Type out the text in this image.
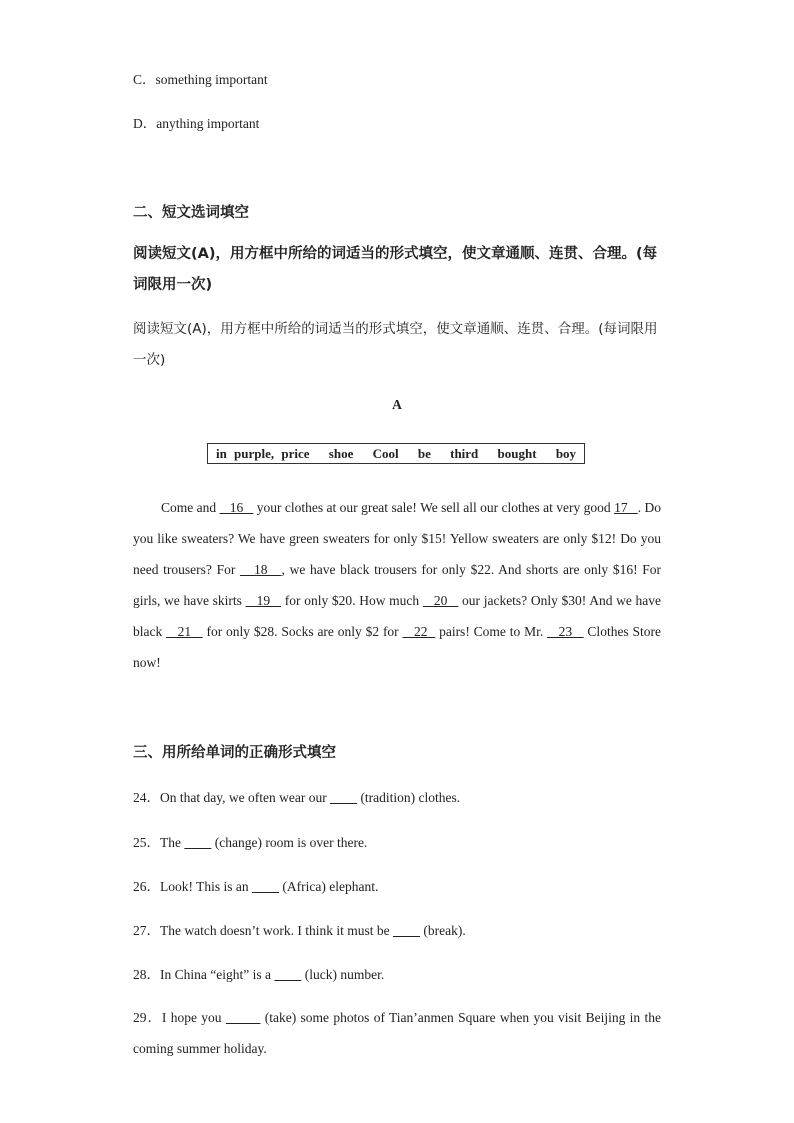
C．something important
D．anything important
二、短文选词填空
阅读短文(A)，用方框中所给的词适当的形式填空，使文章通顺、连贯、合理。(每词限用一次)
阅读短文(A)，用方框中所给的词适当的形式填空，使文章通顺、连贯、合理。(每词限用一次)
A
in purple, price shoe Cool be third bought boy
Come and    16    your clothes at our great sale! We sell all our clothes at very good 17   . Do you like sweaters? We have green sweaters for only $15! Yellow sweaters are only $12! Do you need trousers? For    18   , we have black trousers for only $22. And shorts are only $16! For girls, we have skirts    19    for only $20. How much    20    our jackets? Only $30! And we have black    21    for only $28. Socks are only $2 for    22   pairs! Come to Mr.    23    Clothes Store now!
三、用所给单词的正确形式填空
24．On that day, we often wear our          (tradition) clothes.
25．The          (change) room is over there.
26．Look! This is an          (Africa) elephant.
27．The watch doesn’t work. I think it must be          (break).
28．In China “eight” is a          (luck) number.
29．I hope you	(take) some photos of Tian’anmen Square when you visit Beijing in the coming summer holiday.
